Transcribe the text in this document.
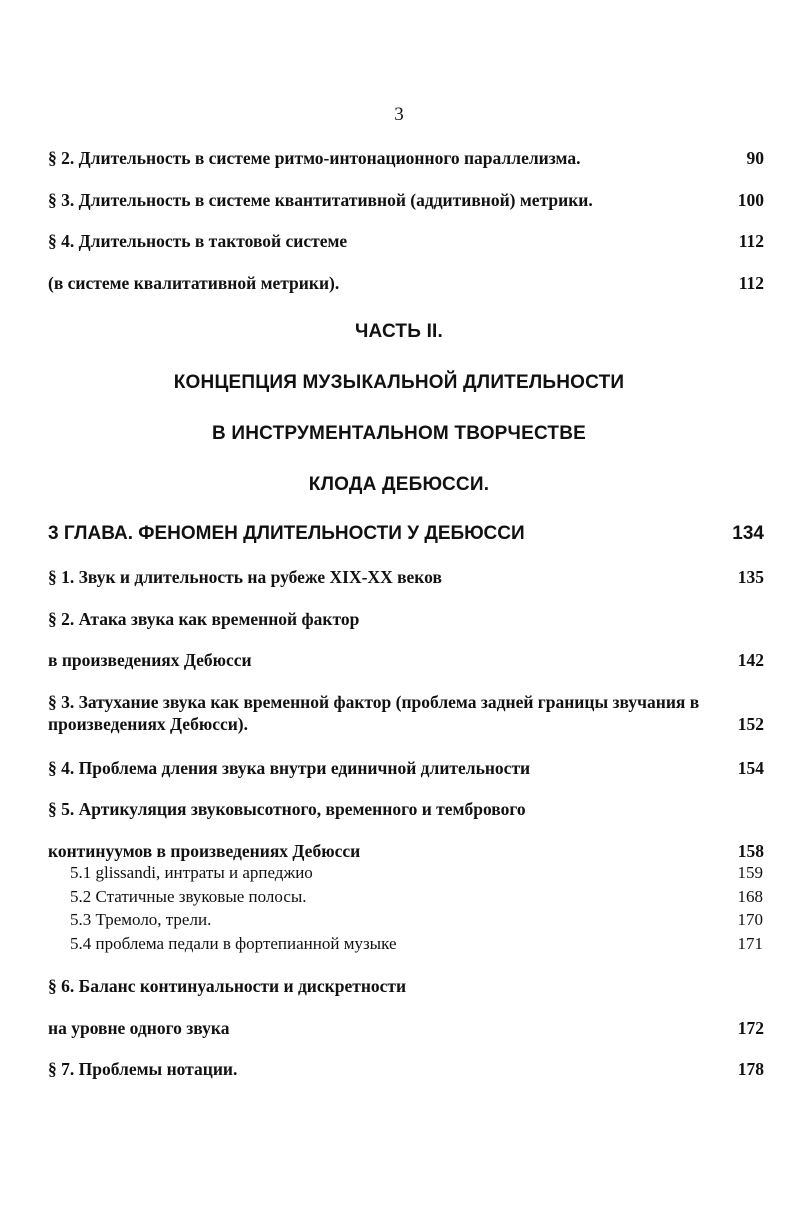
3
§ 2. Длительность в системе ритмо-интонационного параллелизма.	90
§ 3. Длительность в системе квантитативной (аддитивной) метрики.	100
§ 4. Длительность в тактовой системе	112
(в системе квалитативной метрики).	112
ЧАСТЬ II.
КОНЦЕПЦИЯ МУЗЫКАЛЬНОЙ ДЛИТЕЛЬНОСТИ
В ИНСТРУМЕНТАЛЬНОМ ТВОРЧЕСТВЕ
КЛОДА ДЕБЮССИ.
3 ГЛАВА. ФЕНОМЕН ДЛИТЕЛЬНОСТИ У ДЕБЮССИ	134
§ 1. Звук и длительность на рубеже XIX-XX веков	135
§ 2. Атака звука как временной фактор
в произведениях Дебюсси	142
§ 3. Затухание звука как временной фактор (проблема задней границы звучания в произведениях Дебюсси).	152
§ 4. Проблема дления звука внутри единичной длительности	154
§ 5. Артикуляция звуковысотного, временного и тембрового
континуумов в произведениях Дебюсси	158
5.1 glissandi, интраты и арпеджио	159
5.2 Статичные звуковые полосы.	168
5.3 Тремоло, трели.	170
5.4 проблема педали в фортепианной музыке	171
§ 6. Баланс континуальности и дискретности
на уровне одного звука	172
§ 7. Проблемы нотации.	178
